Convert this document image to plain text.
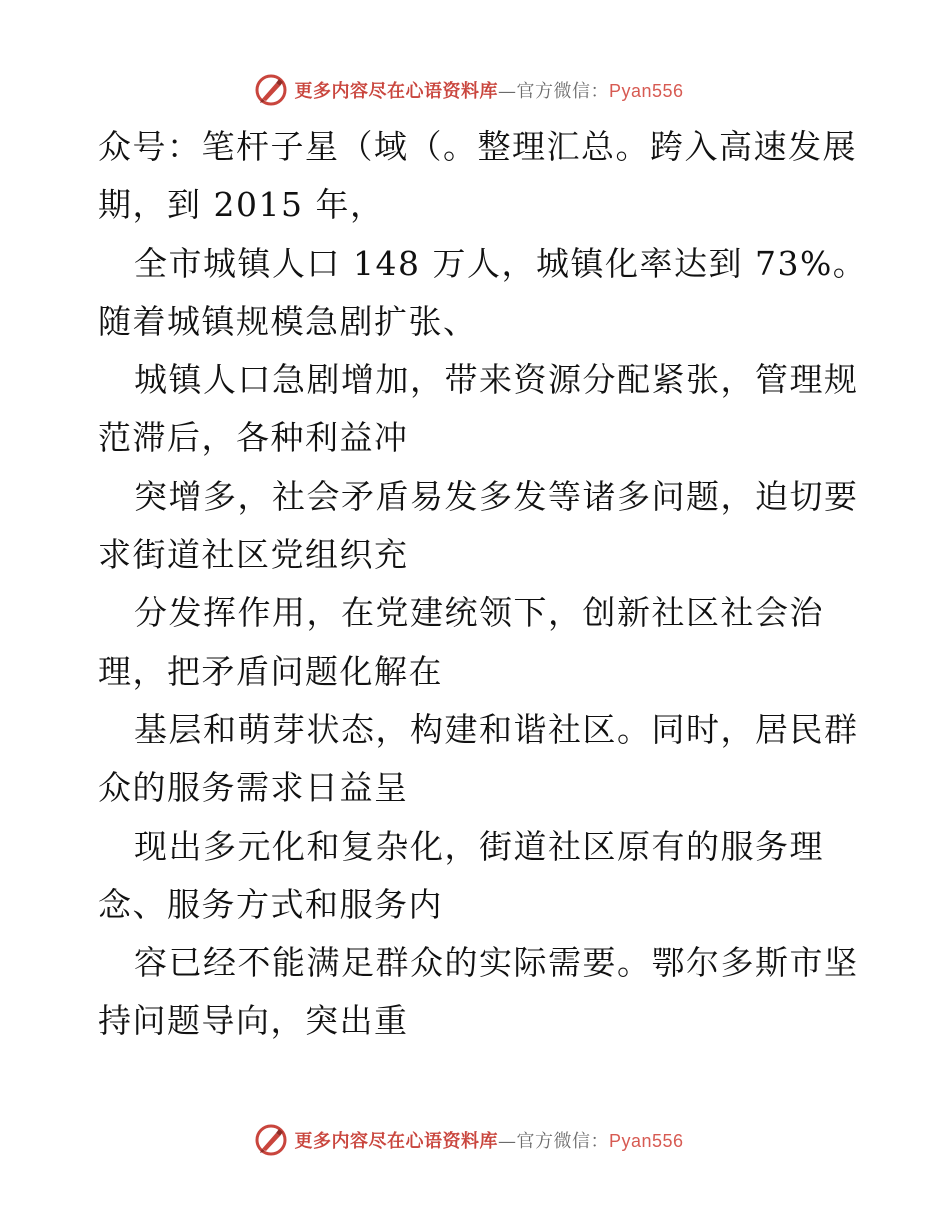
更多内容尽在心语资料库—官方微信：Pyan556
众号：笔杆子星（域（。整理汇总。跨入高速发展
期，到 2015 年，
全市城镇人口 148 万人，城镇化率达到 73%。
随着城镇规模急剧扩张、
城镇人口急剧增加，带来资源分配紧张，管理规
范滞后，各种利益冲
突增多，社会矛盾易发多发等诸多问题，迫切要
求街道社区党组织充
分发挥作用，在党建统领下，创新社区社会治
理，把矛盾问题化解在
基层和萌芽状态，构建和谐社区。同时，居民群
众的服务需求日益呈
现出多元化和复杂化，街道社区原有的服务理
念、服务方式和服务内
容已经不能满足群众的实际需要。鄂尔多斯市坚
持问题导向，突出重
更多内容尽在心语资料库—官方微信：Pyan556
